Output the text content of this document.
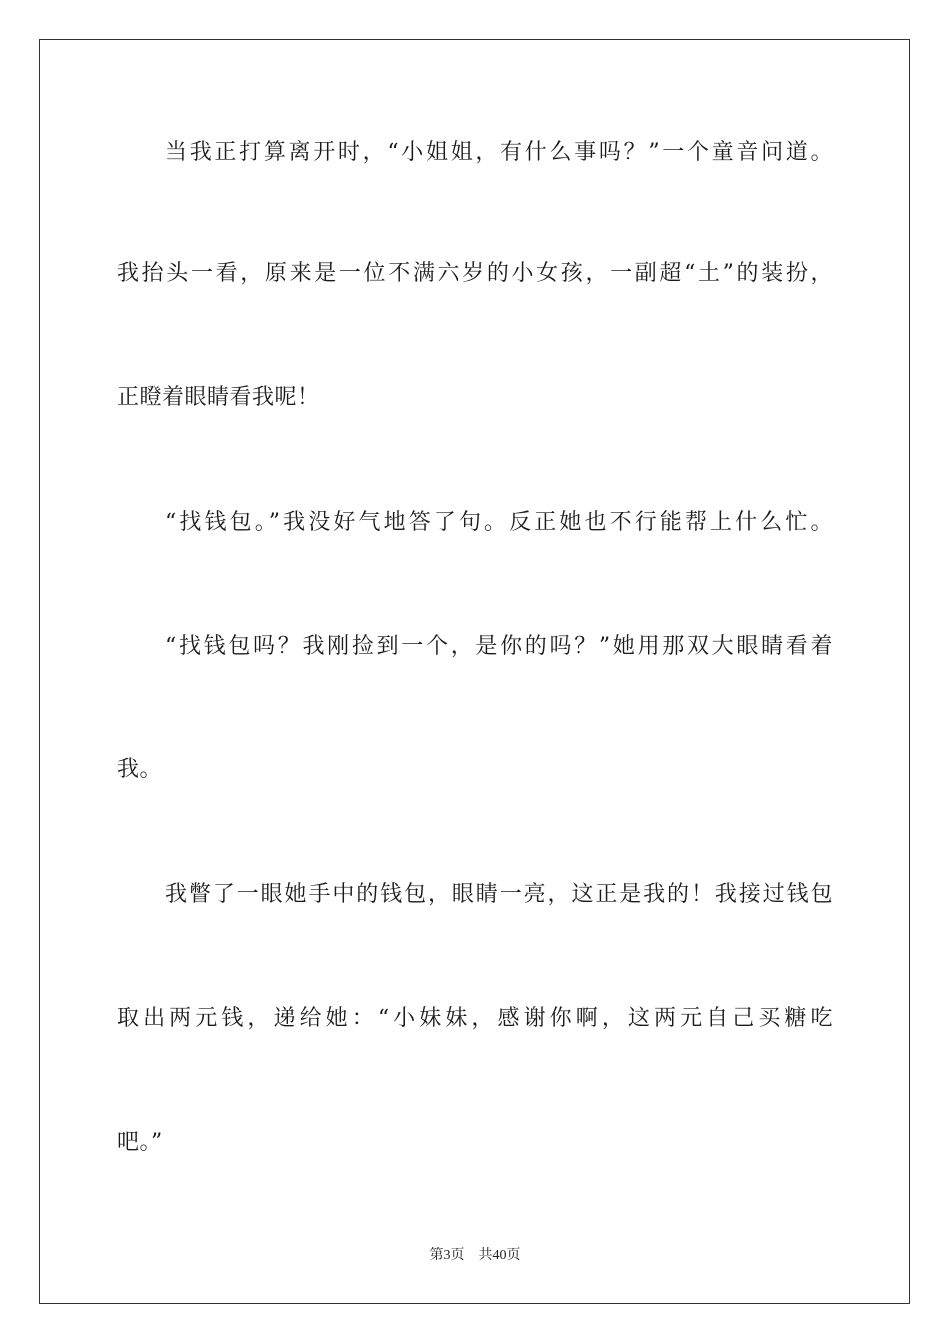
当我正打算离开时，“小姐姐，有什么事吗？”一个童音问道。
我抬头一看，原来是一位不满六岁的小女孩，一副超“土”的装扮，
正瞪着眼睛看我呢！
“找钱包。”我没好气地答了句。反正她也不行能帮上什么忙。
“找钱包吗？我刚捡到一个，是你的吗？”她用那双大眼睛看着
我。
我瞥了一眼她手中的钱包，眼睛一亮，这正是我的！我接过钱包
取出两元钱，递给她：“小妹妹，感谢你啊，这两元自己买糖吃
吧。”
第3页 共40页
